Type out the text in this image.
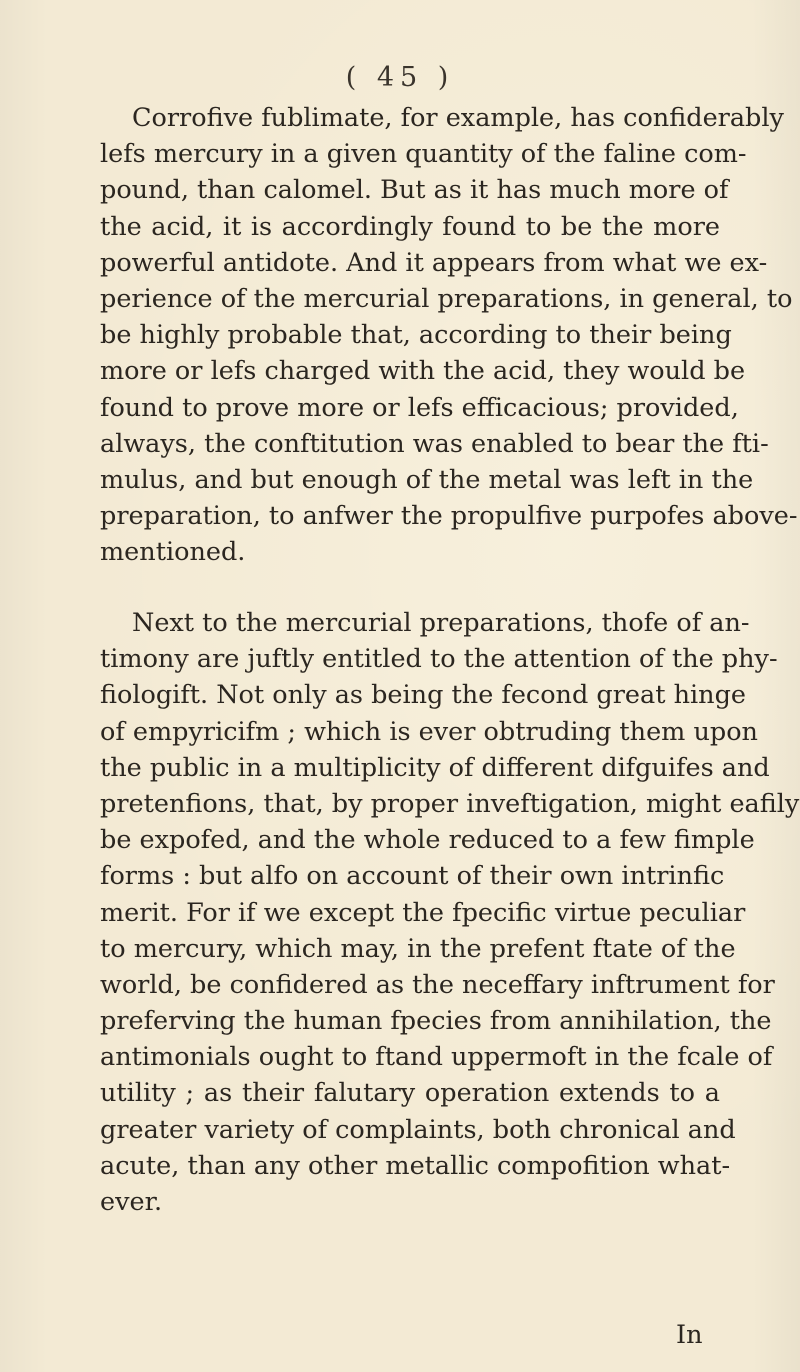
( 45 )
Corrofive fublimate, for example, has confiderably
lefs mercury in a given quantity of the faline com-
pound, than calomel. But as it has much more of
the acid, it is accordingly found to be the more
powerful antidote. And it appears from what we ex-
perience of the mercurial preparations, in general, to
be highly probable that, according to their being
more or lefs charged with the acid, they would be
found to prove more or lefs efficacious; provided,
always, the conftitution was enabled to bear the fti-
mulus, and but enough of the metal was left in the
preparation, to anfwer the propulfive purpofes above-
mentioned.
Next to the mercurial preparations, thofe of an-
timony are juftly entitled to the attention of the phy-
fiologift. Not only as being the fecond great hinge
of empyricifm ; which is ever obtruding them upon
the public in a multiplicity of different difguifes and
pretenfions, that, by proper inveftigation, might eafily
be expofed, and the whole reduced to a few fimple
forms : but alfo on account of their own intrinfic
merit. For if we except the fpecific virtue peculiar
to mercury, which may, in the prefent ftate of the
world, be confidered as the neceffary inftrument for
preferving the human fpecies from annihilation, the
antimonials ought to ftand uppermoft in the fcale of
utility ; as their falutary operation extends to a
greater variety of complaints, both chronical and
acute, than any other metallic compofition what-
ever.
In
